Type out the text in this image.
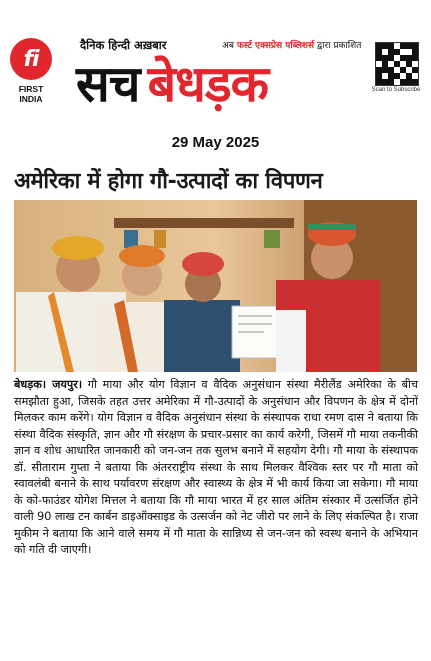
fi
FIRST INDIA
दैनिक हिन्दी अख़बार	अब फर्स्ट एक्सप्रेस पब्लिशर्स द्वारा प्रकाशित
सच बेधड़क	Scan to Subscribe
29 May 2025
अमेरिका में होगा गौ-उत्पादों का विपणन
बेधड़क। जयपुर। गौ माया और योग विज्ञान व वैदिक अनुसंधान संस्था मैरीलैंड अमेरिका के बीच समझौता हुआ, जिसके तहत उत्तर अमेरिका में गौ-उत्पादों के अनुसंधान और विपणन के क्षेत्र में दोनों मिलकर काम करेंगे। योग विज्ञान व वैदिक अनुसंधान संस्था के संस्थापक राधा रमण दास ने बताया कि संस्था वैदिक संस्कृति, ज्ञान और गौ संरक्षण के प्रचार-प्रसार का कार्य करेगी, जिसमें गौ माया तकनीकी ज्ञान व शोध आधारित जानकारी को जन-जन तक सुलभ बनाने में सहयोग देगी। गौ माया के संस्थापक डॉ. सीताराम गुप्ता ने बताया कि अंतरराष्ट्रीय संस्था के साथ मिलकर वैश्विक स्तर पर गौ माता को स्वावलंबी बनाने के साथ पर्यावरण संरक्षण और स्वास्थ्य के क्षेत्र में भी कार्य किया जा सकेगा। गौ माया के को-फाउंडर योगेश मित्तल ने बताया कि गौ माया भारत में हर साल अंतिम संस्कार में उत्सर्जित होने वाली 90 लाख टन कार्बन डाइऑक्साइड के उत्सर्जन को नेट जीरो पर लाने के लिए संकल्पित है। राजा मुकीम ने बताया कि आने वाले समय में गौ माता के सान्निध्य से जन-जन को स्वस्थ बनाने के अभियान को गति दी जाएगी।
